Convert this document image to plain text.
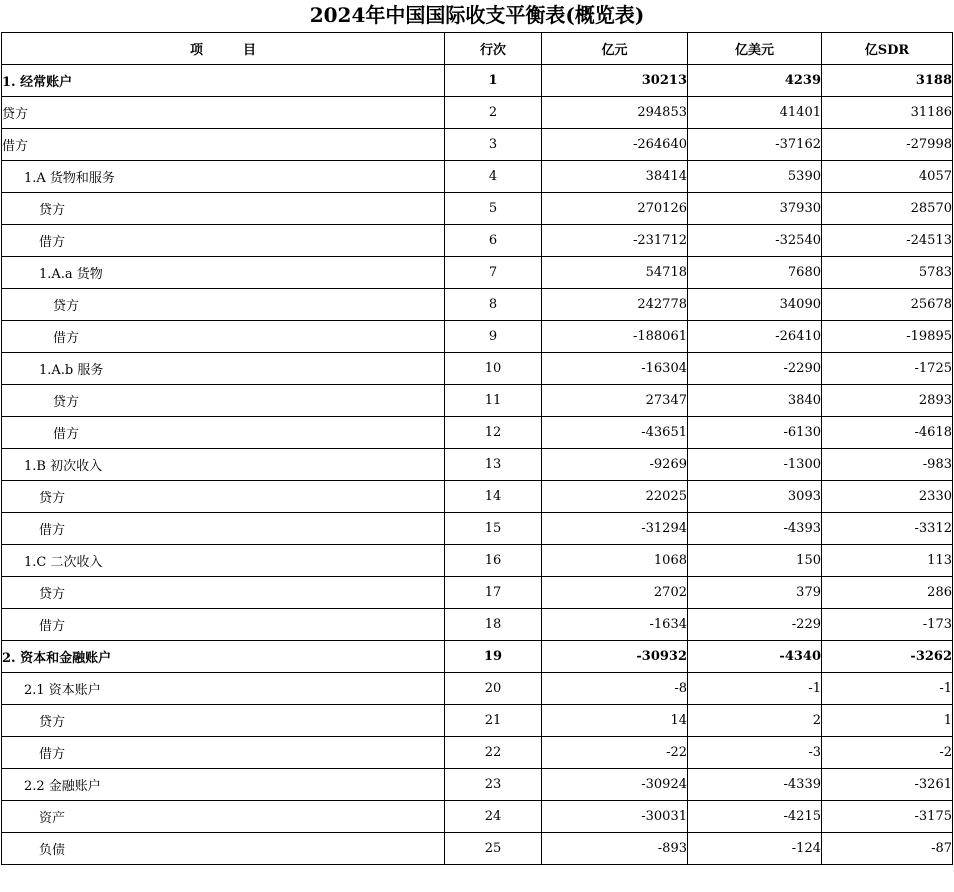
2024年中国国际收支平衡表(概览表)
项 目	行次	亿元	亿美元	亿SDR
1. 经常账户	1	30213	4239	3188
贷方	2	294853	41401	31186
借方	3	-264640	-37162	-27998
1.A 货物和服务	4	38414	5390	4057
贷方	5	270126	37930	28570
借方	6	-231712	-32540	-24513
1.A.a 货物	7	54718	7680	5783
贷方	8	242778	34090	25678
借方	9	-188061	-26410	-19895
1.A.b 服务	10	-16304	-2290	-1725
贷方	11	27347	3840	2893
借方	12	-43651	-6130	-4618
1.B 初次收入	13	-9269	-1300	-983
贷方	14	22025	3093	2330
借方	15	-31294	-4393	-3312
1.C 二次收入	16	1068	150	113
贷方	17	2702	379	286
借方	18	-1634	-229	-173
2. 资本和金融账户	19	-30932	-4340	-3262
2.1 资本账户	20	-8	-1	-1
贷方	21	14	2	1
借方	22	-22	-3	-2
2.2 金融账户	23	-30924	-4339	-3261
资产	24	-30031	-4215	-3175
负债	25	-893	-124	-87
